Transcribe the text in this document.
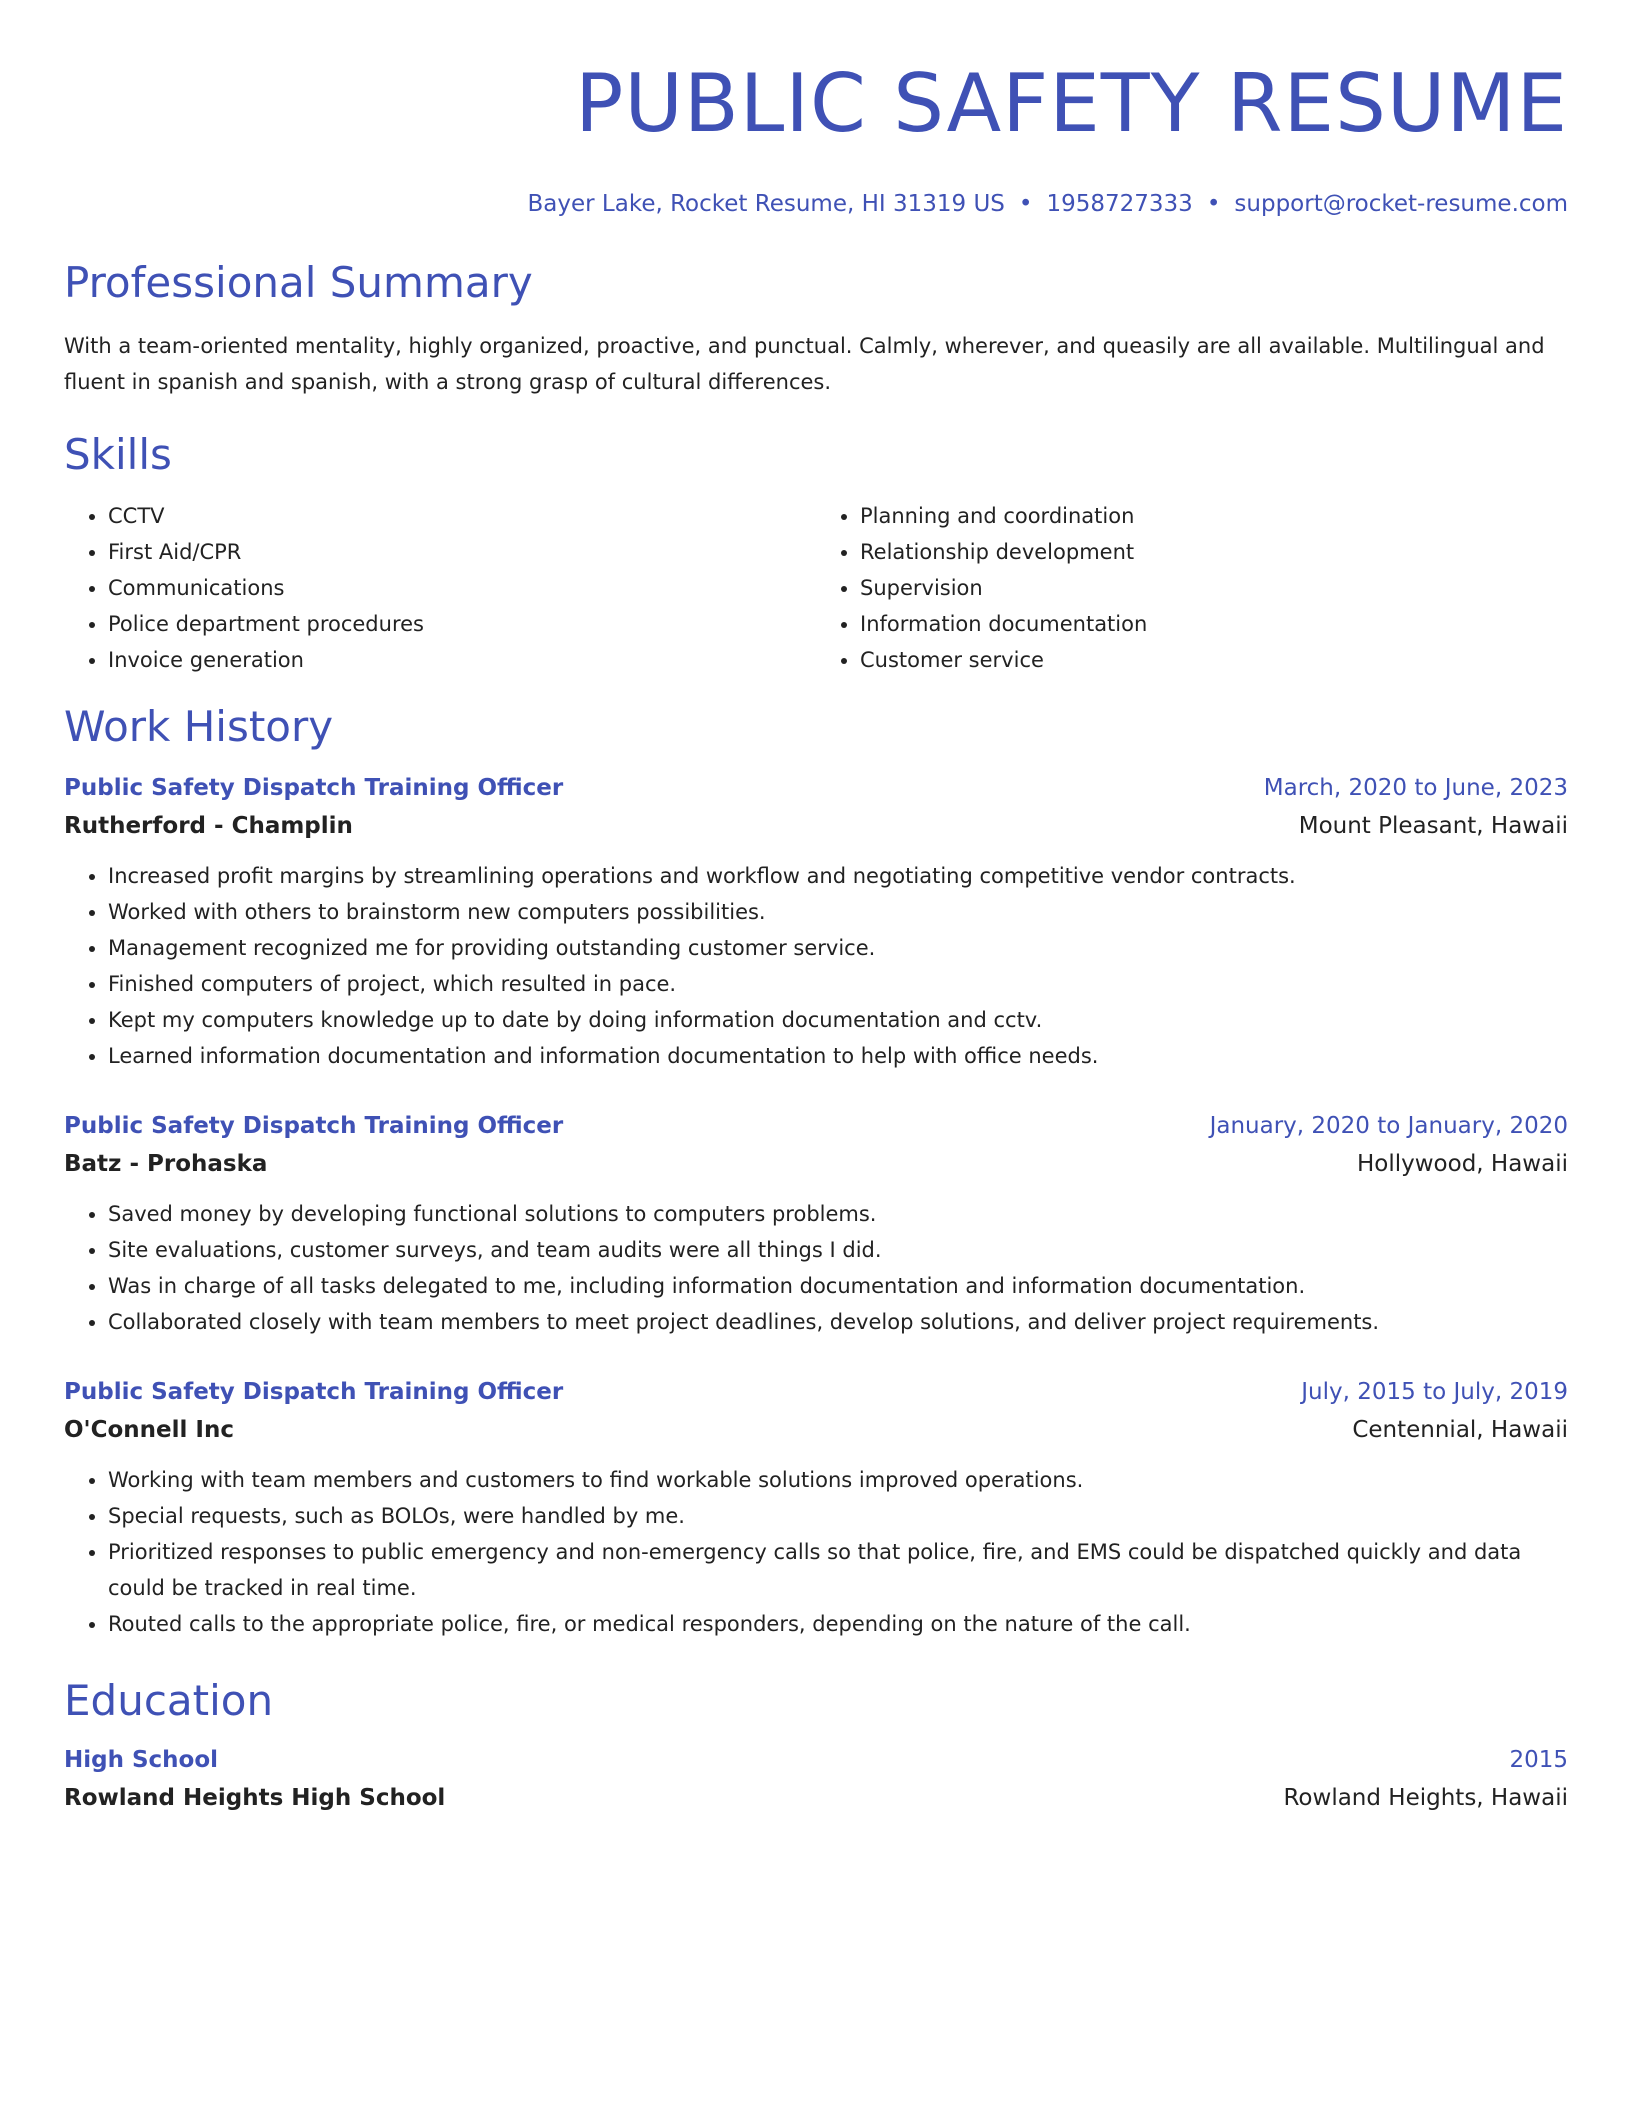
PUBLIC SAFETY RESUME
Bayer Lake, Rocket Resume, HI 31319 US • 1958727333 • support@rocket-resume.com
Professional Summary
With a team-oriented mentality, highly organized, proactive, and punctual. Calmly, wherever, and queasily are all available. Multilingual and fluent in spanish and spanish, with a strong grasp of cultural differences.
Skills
• CCTV
• First Aid/CPR
• Communications
• Police department procedures
• Invoice generation
• Planning and coordination
• Relationship development
• Supervision
• Information documentation
• Customer service
Work History
Public Safety Dispatch Training Officer	March, 2020 to June, 2023
Rutherford - Champlin	Mount Pleasant, Hawaii
• Increased profit margins by streamlining operations and workflow and negotiating competitive vendor contracts.
• Worked with others to brainstorm new computers possibilities.
• Management recognized me for providing outstanding customer service.
• Finished computers of project, which resulted in pace.
• Kept my computers knowledge up to date by doing information documentation and cctv.
• Learned information documentation and information documentation to help with office needs.
Public Safety Dispatch Training Officer	January, 2020 to January, 2020
Batz - Prohaska	Hollywood, Hawaii
• Saved money by developing functional solutions to computers problems.
• Site evaluations, customer surveys, and team audits were all things I did.
• Was in charge of all tasks delegated to me, including information documentation and information documentation.
• Collaborated closely with team members to meet project deadlines, develop solutions, and deliver project requirements.
Public Safety Dispatch Training Officer	July, 2015 to July, 2019
O'Connell Inc	Centennial, Hawaii
• Working with team members and customers to find workable solutions improved operations.
• Special requests, such as BOLOs, were handled by me.
• Prioritized responses to public emergency and non-emergency calls so that police, fire, and EMS could be dispatched quickly and data could be tracked in real time.
• Routed calls to the appropriate police, fire, or medical responders, depending on the nature of the call.
Education
High School	2015
Rowland Heights High School	Rowland Heights, Hawaii
